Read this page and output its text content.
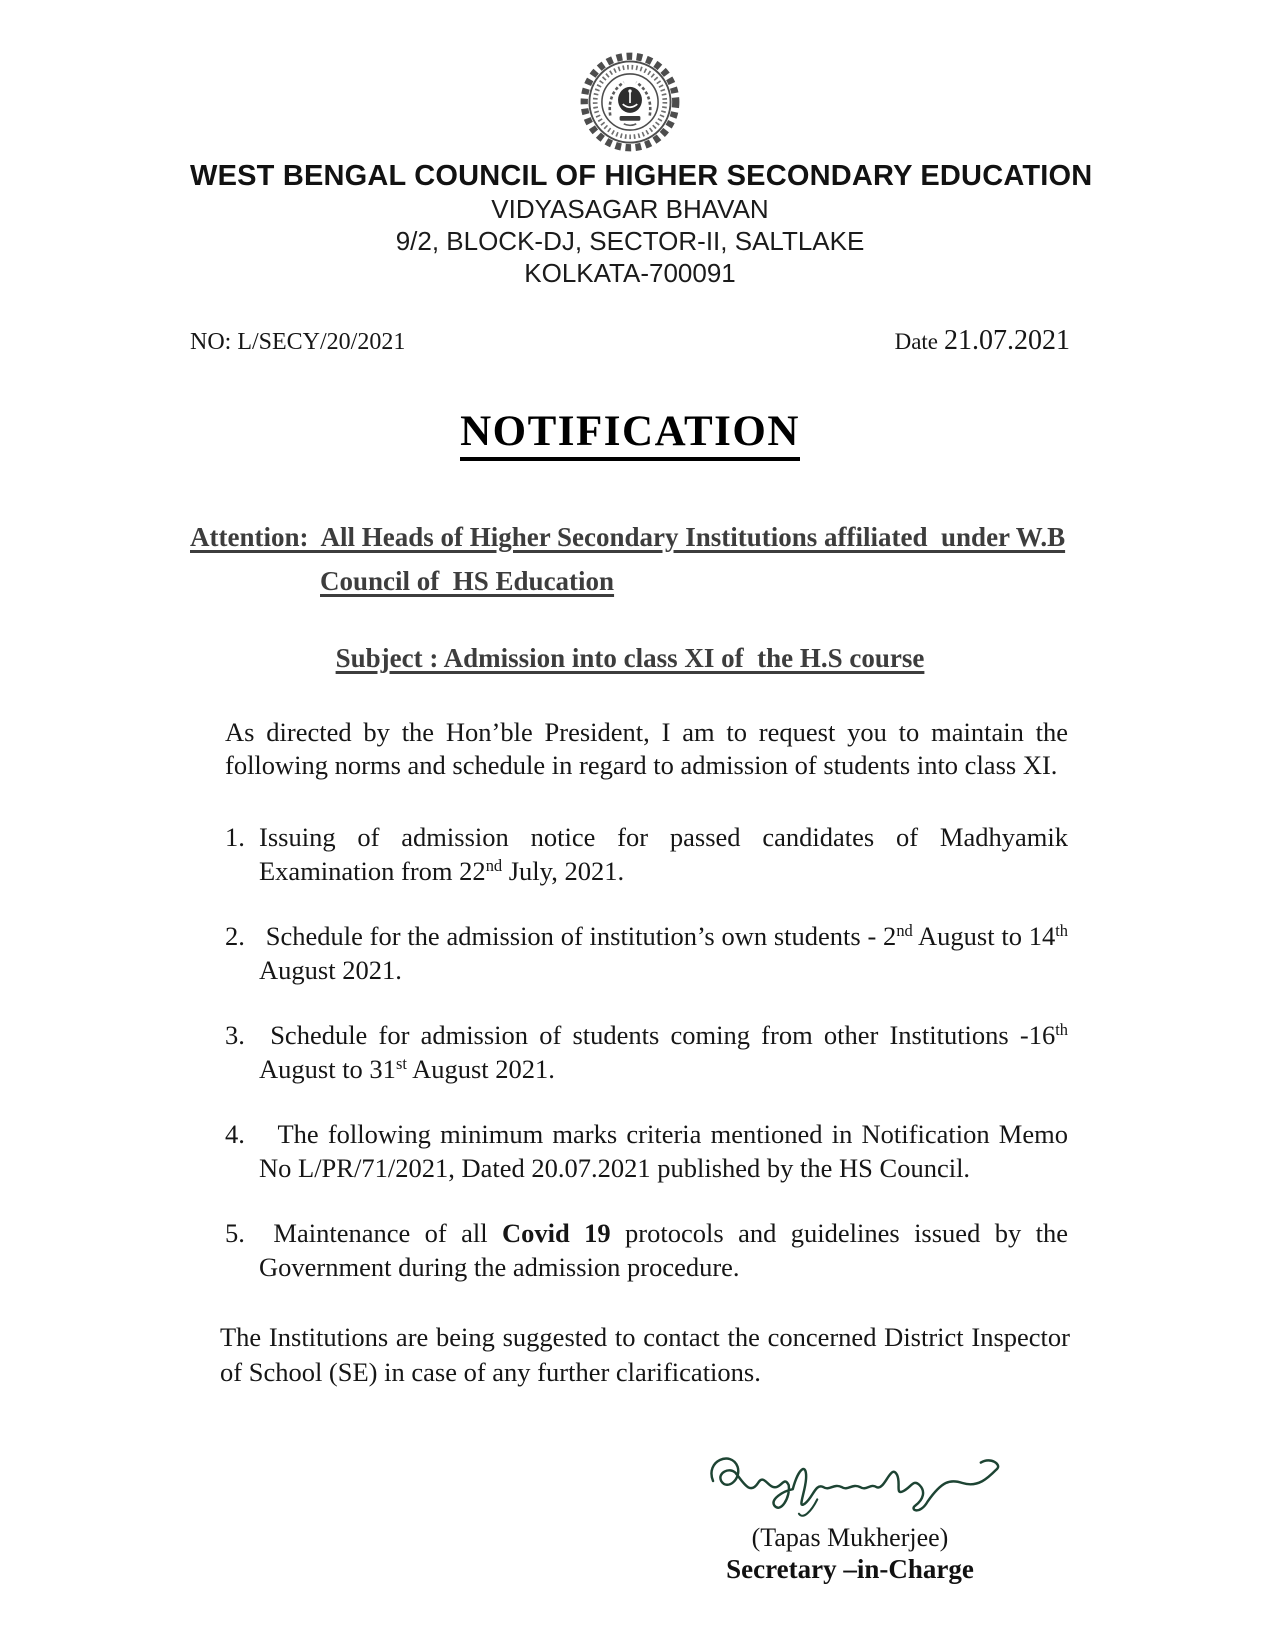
WEST BENGAL COUNCIL OF HIGHER SECONDARY EDUCATION
VIDYASAGAR BHAVAN
9/2, BLOCK-DJ, SECTOR-II, SALTLAKE
KOLKATA-700091
NO: L/SECY/20/2021	Date 21.07.2021
NOTIFICATION
Attention:  All Heads of Higher Secondary Institutions affiliated  under W.B
Council of  HS Education
Subject : Admission into class XI of  the H.S course

As directed by the Hon’ble President, I am to request you to maintain the following norms and schedule in regard to admission of students into class XI.

1. Issuing of admission notice for passed candidates of Madhyamik Examination from 22nd July, 2021.
2. Schedule for the admission of institution’s own students - 2nd August to 14th August 2021.
3. Schedule for admission of students coming from other Institutions -16th August to 31st August 2021.
4. The following minimum marks criteria mentioned in Notification Memo No L/PR/71/2021, Dated 20.07.2021 published by the HS Council.
5. Maintenance of all Covid 19 protocols and guidelines issued by the Government during the admission procedure.

The Institutions are being suggested to contact the concerned District Inspector of School (SE) in case of any further clarifications.

(Tapas Mukherjee)
Secretary –in-Charge
